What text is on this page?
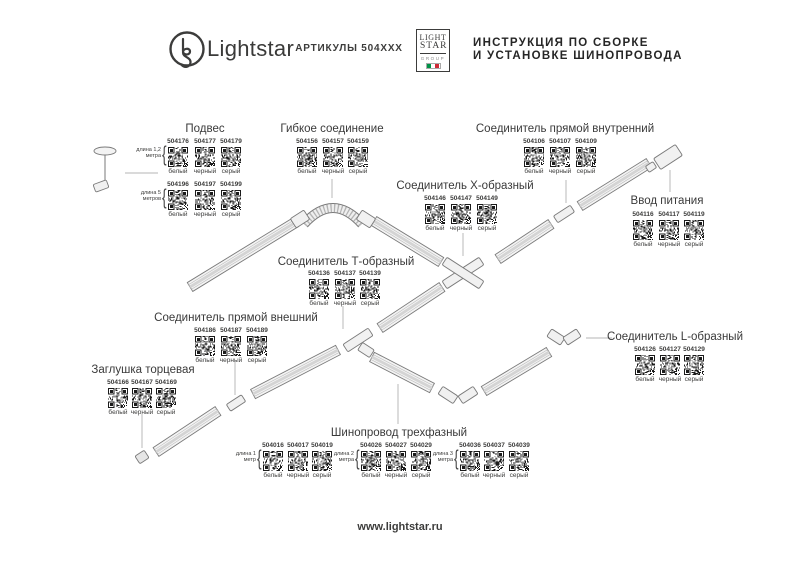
Lightstar АРТИКУЛЫ 504XXX
LIGHT
STAR
GROUP
ИНСТРУКЦИЯ ПО СБОРКЕ
И УСТАНОВКЕ ШИНОПРОВОДА
Подвес
длина 1,2 метра {
504176
белый
504177
черный
504179
серый
длина 5 метров {
504196
белый
504197
черный
504199
серый
Гибкое соединение
504156
белый
504157
черный
504159
серый
Соединитель прямой внутренний
504106
белый
504107
черный
504109
серый
Соединитель X-образный
504146
белый
504147
черный
504149
серый
Ввод питания
504116
белый
504117
черный
504119
серый
Соединитель Т-образный
504136
белый
504137
черный
504139
серый
Соединитель прямой внешний
504186
белый
504187
черный
504189
серый
Соединитель L-образный
504126
белый
504127
черный
504129
серый
Заглушка торцевая
504166
белый
504167
черный
504169
серый
Шинопровод трехфазный
длина 1 метр {
504016
белый
504017
черный
504019
серый
длина 2 метра {
504026
белый
504027
черный
504029
серый
длина 3 метра {
504036
белый
504037
черный
504039
серый
www.lightstar.ru
